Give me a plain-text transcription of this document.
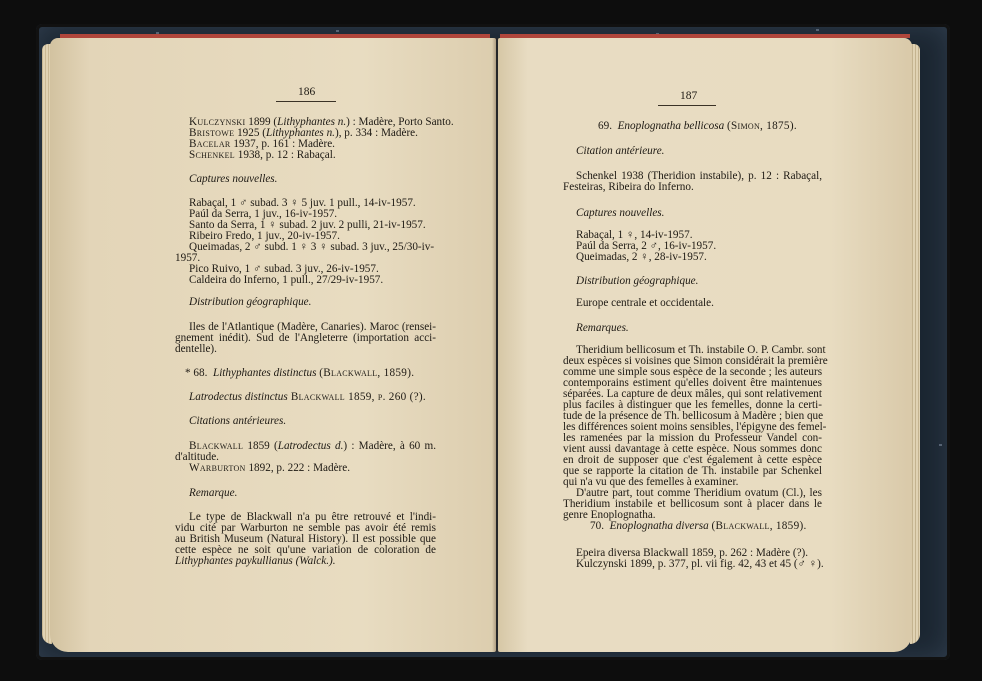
186
Kulczynski 1899 (Lithyphantes n.) : Madère, Porto Santo.
Bristowe 1925 (Lithyphantes n.), p. 334 : Madère.
Bacelar 1937, p. 161 : Madère.
Schenkel 1938, p. 12 : Rabaçal.
Captures nouvelles.
Rabaçal, 1 ♂ subad. 3 ♀ 5 juv. 1 pull., 14-iv-1957.
Paúl da Serra, 1 juv., 16-iv-1957.
Santo da Serra, 1 ♀ subad. 2 juv. 2 pulli, 21-iv-1957.
Ribeiro Fredo, 1 juv., 20-iv-1957.
Queimadas, 2 ♂ subd. 1 ♀ 3 ♀ subad. 3 juv., 25/30-iv-
1957.
Pico Ruivo, 1 ♂ subad. 3 juv., 26-iv-1957.
Caldeira do Inferno, 1 pull., 27/29-iv-1957.
Distribution géographique.
Iles de l'Atlantique (Madère, Canaries). Maroc (rensei-
gnement inédit). Sud de l'Angleterre (importation acci-
dentelle).
* 68. Lithyphantes distinctus (Blackwall, 1859).
Latrodectus distinctus Blackwall 1859, p. 260 (?).
Citations antérieures.
Blackwall 1859 (Latrodectus d.) : Madère, à 60 m.
d'altitude.
Warburton 1892, p. 222 : Madère.
Remarque.
Le type de Blackwall n'a pu être retrouvé et l'indi-
vidu cité par Warburton ne semble pas avoir été remis
au British Museum (Natural History). Il est possible que
cette espèce ne soit qu'une variation de coloration de
Lithyphantes paykullianus (Walck.).
187
69. Enoplognatha bellicosa (Simon, 1875).
Citation antérieure.
Schenkel 1938 (Theridion instabile), p. 12 : Rabaçal,
Festeiras, Ribeira do Inferno.
Captures nouvelles.
Rabaçal, 1 ♀, 14-iv-1957.
Paúl da Serra, 2 ♂, 16-iv-1957.
Queimadas, 2 ♀, 28-iv-1957.
Distribution géographique.
Europe centrale et occidentale.
Remarques.
Theridium bellicosum et Th. instabile O. P. Cambr. sont
deux espèces si voisines que Simon considérait la première
comme une simple sous espèce de la seconde ; les auteurs
contemporains estiment qu'elles doivent être maintenues
séparées. La capture de deux mâles, qui sont relativement
plus faciles à distinguer que les femelles, donne la certi-
tude de la présence de Th. bellicosum à Madère ; bien que
les différences soient moins sensibles, l'épigyne des femel-
les ramenées par la mission du Professeur Vandel con-
vient aussi davantage à cette espèce. Nous sommes donc
en droit de supposer que c'est également à cette espèce
que se rapporte la citation de Th. instabile par Schenkel
qui n'a vu que des femelles à examiner.
D'autre part, tout comme Theridium ovatum (Cl.), les
Theridium instabile et bellicosum sont à placer dans le
genre Enoplognatha.
70. Enoplognatha diversa (Blackwall, 1859).
Epeira diversa Blackwall 1859, p. 262 : Madère (?).
Kulczynski 1899, p. 377, pl. vii fig. 42, 43 et 45 (♂ ♀).
